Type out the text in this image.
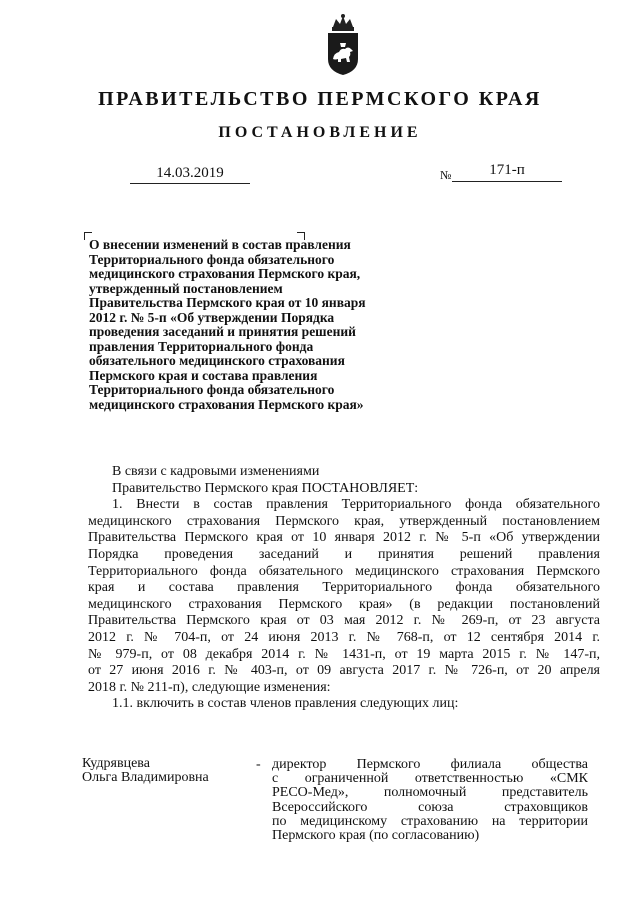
ПРАВИТЕЛЬСТВО ПЕРМСКОГО КРАЯ
ПОСТАНОВЛЕНИЕ
14.03.2019	№	171-п
О внесении изменений в состав правления
Территориального фонда обязательного
медицинского страхования Пермского края,
утвержденный постановлением
Правительства Пермского края от 10 января
2012 г. № 5-п «Об утверждении Порядка
проведения заседаний и принятия решений
правления Территориального фонда
обязательного медицинского страхования
Пермского края и состава правления
Территориального фонда обязательного
медицинского страхования Пермского края»

В связи с кадровыми изменениями

Правительство Пермского края ПОСТАНОВЛЯЕТ:

1. Внести в состав правления Территориального фонда обязательного
медицинского страхования Пермского края, утвержденный постановлением
Правительства Пермского края от 10 января 2012 г. № 5-п «Об утверждении
Порядка проведения заседаний и принятия решений правления
Территориального фонда обязательного медицинского страхования Пермского
края и состава правления Территориального фонда обязательного
медицинского страхования Пермского края» (в редакции постановлений
Правительства Пермского края от 03 мая 2012 г. № 269-п, от 23 августа
2012 г. № 704-п, от 24 июня 2013 г. № 768-п, от 12 сентября 2014 г.
№ 979-п, от 08 декабря 2014 г. № 1431-п, от 19 марта 2015 г. № 147-п,
от 27 июня 2016 г. № 403-п, от 09 августа 2017 г. № 726-п, от 20 апреля
2018 г. № 211-п), следующие изменения:

1.1. включить в состав членов правления следующих лиц:

Кудрявцева
Ольга Владимировна
- директор Пермского филиала общества
с ограниченной ответственностью «СМК
РЕСО-Мед», полномочный представитель
Всероссийского союза страховщиков
по медицинскому страхованию на территории
Пермского края (по согласованию)
